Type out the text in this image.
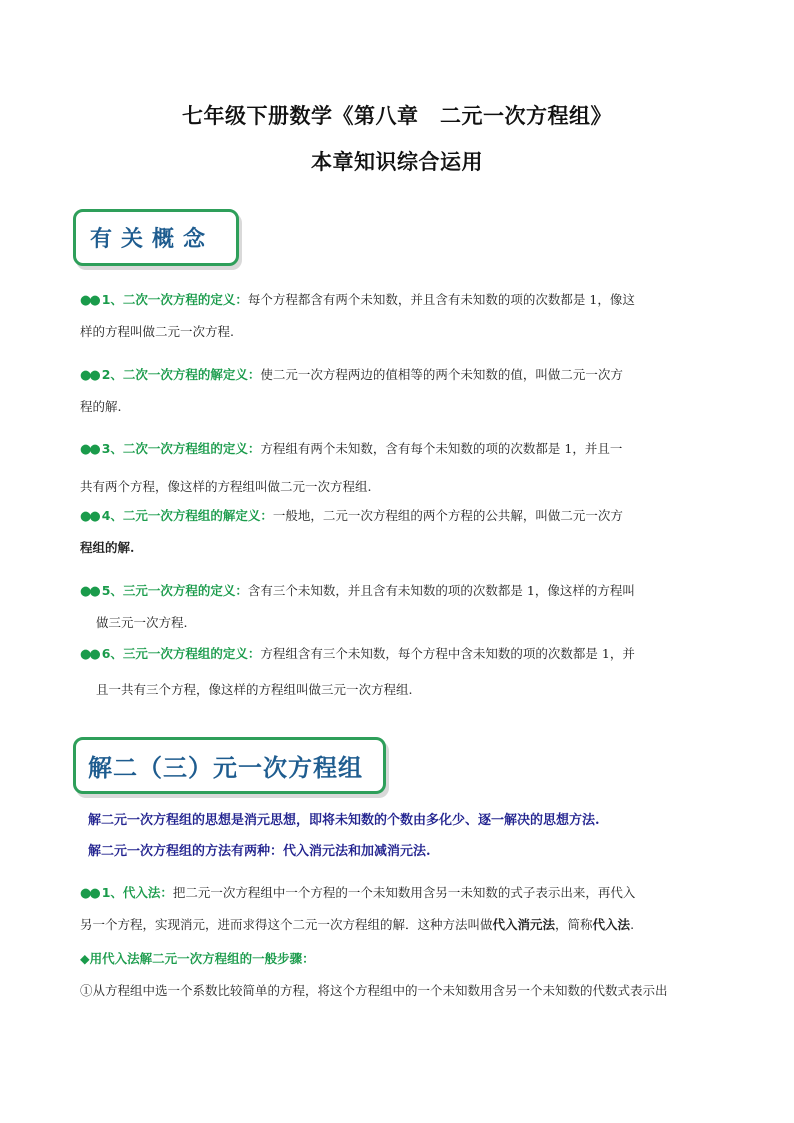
七年级下册数学《第八章　二元一次方程组》
本章知识综合运用
有关概念
●● 1、二次一次方程的定义：每个方程都含有两个未知数，并且含有未知数的项的次数都是 1，像这
样的方程叫做二元一次方程.
●● 2、二次一次方程的解定义：使二元一次方程两边的值相等的两个未知数的值，叫做二元一次方
程的解.
●● 3、二次一次方程组的定义：方程组有两个未知数，含有每个未知数的项的次数都是 1，并且一
共有两个方程，像这样的方程组叫做二元一次方程组.
●● 4、二元一次方程组的解定义：一般地，二元一次方程组的两个方程的公共解，叫做二元一次方
程组的解.
●● 5、三元一次方程的定义：含有三个未知数，并且含有未知数的项的次数都是 1，像这样的方程叫
做三元一次方程.
●● 6、三元一次方程组的定义：方程组含有三个未知数，每个方程中含未知数的项的次数都是 1，并
且一共有三个方程，像这样的方程组叫做三元一次方程组.
解二（三）元一次方程组
解二元一次方程组的思想是消元思想，即将未知数的个数由多化少、逐一解决的思想方法.
解二元一次方程组的方法有两种：代入消元法和加减消元法.
●● 1、代入法：把二元一次方程组中一个方程的一个未知数用含另一未知数的式子表示出来，再代入
另一个方程，实现消元，进而求得这个二元一次方程组的解．这种方法叫做代入消元法，简称代入法.
◆用代入法解二元一次方程组的一般步骤：
①从方程组中选一个系数比较简单的方程，将这个方程组中的一个未知数用含另一个未知数的代数式表示出
